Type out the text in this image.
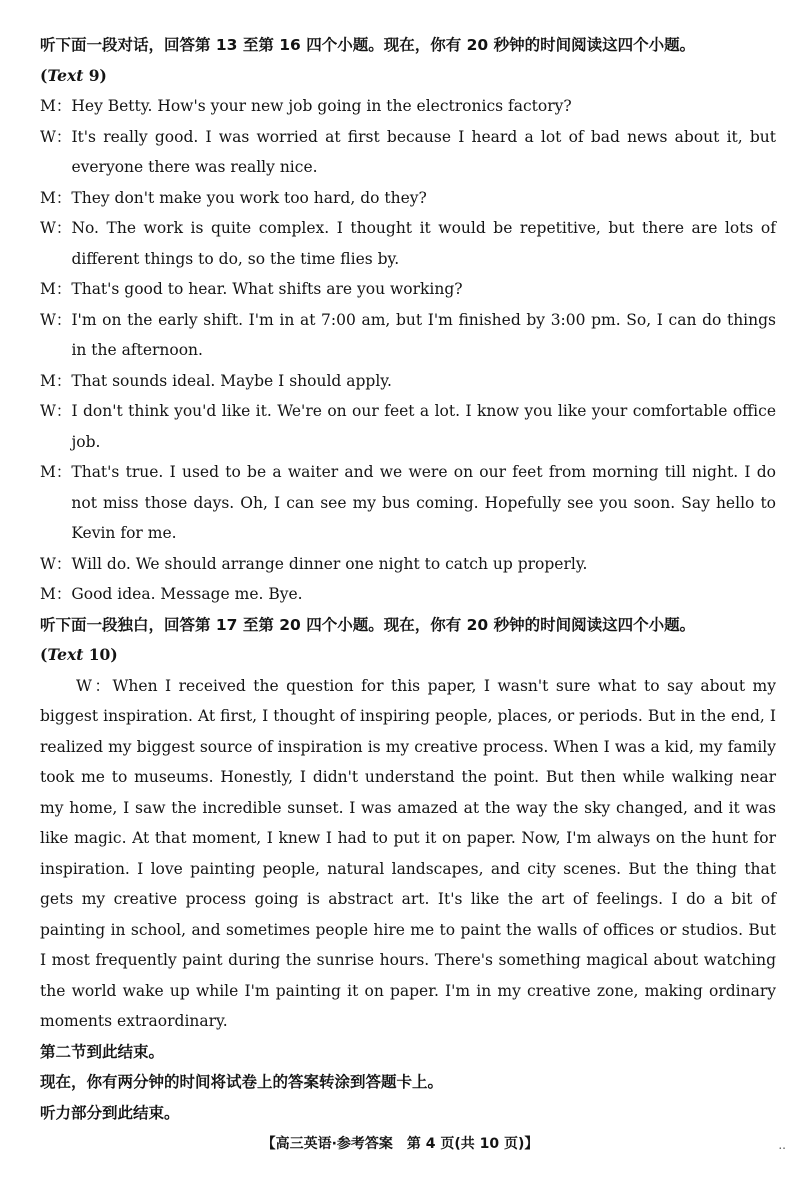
听下面一段对话，回答第 13 至第 16 四个小题。现在，你有 20 秒钟的时间阅读这四个小题。
(Text 9)
M： Hey Betty. How's your new job going in the electronics factory?
W： It's really good. I was worried at first because I heard a lot of bad news about it, but everyone there was really nice.
M： They don't make you work too hard, do they?
W： No. The work is quite complex. I thought it would be repetitive, but there are lots of different things to do, so the time flies by.
M： That's good to hear. What shifts are you working?
W： I'm on the early shift. I'm in at 7:00 am, but I'm finished by 3:00 pm. So, I can do things in the afternoon.
M： That sounds ideal. Maybe I should apply.
W： I don't think you'd like it. We're on our feet a lot. I know you like your comfortable office job.
M： That's true. I used to be a waiter and we were on our feet from morning till night. I do not miss those days. Oh, I can see my bus coming. Hopefully see you soon. Say hello to Kevin for me.
W： Will do. We should arrange dinner one night to catch up properly.
M： Good idea. Message me. Bye.
听下面一段独白，回答第 17 至第 20 四个小题。现在，你有 20 秒钟的时间阅读这四个小题。
(Text 10)
W：When I received the question for this paper, I wasn't sure what to say about my biggest inspiration. At first, I thought of inspiring people, places, or periods. But in the end, I realized my biggest source of inspiration is my creative process. When I was a kid, my family took me to museums. Honestly, I didn't understand the point. But then while walking near my home, I saw the incredible sunset. I was amazed at the way the sky changed, and it was like magic. At that moment, I knew I had to put it on paper. Now, I'm always on the hunt for inspiration. I love painting people, natural landscapes, and city scenes. But the thing that gets my creative process going is abstract art. It's like the art of feelings. I do a bit of painting in school, and sometimes people hire me to paint the walls of offices or studios. But I most frequently paint during the sunrise hours. There's something magical about watching the world wake up while I'm painting it on paper. I'm in my creative zone, making ordinary moments extraordinary.
第二节到此结束。
现在，你有两分钟的时间将试卷上的答案转涂到答题卡上。
听力部分到此结束。
【高三英语·参考答案　第 4 页(共 10 页)】	..
